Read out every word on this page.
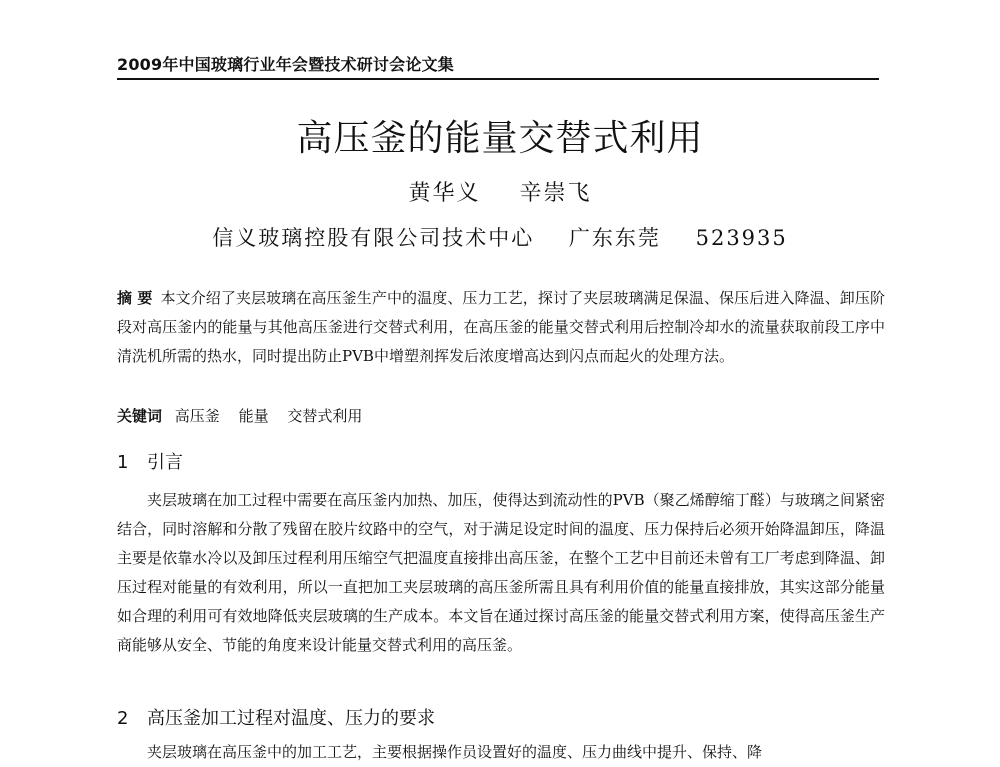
2009年中国玻璃行业年会暨技术研讨会论文集
高压釜的能量交替式利用
黄华义 辛崇飞
信义玻璃控股有限公司技术中心 广东东莞 523935
摘 要 本文介绍了夹层玻璃在高压釜生产中的温度、压力工艺，探讨了夹层玻璃满足保温、保压后进入降温、卸压阶段对高压釜内的能量与其他高压釜进行交替式利用，在高压釜的能量交替式利用后控制冷却水的流量获取前段工序中清洗机所需的热水，同时提出防止PVB中增塑剂挥发后浓度增高达到闪点而起火的处理方法。
关键词 高压釜 能量 交替式利用
1 引言
夹层玻璃在加工过程中需要在高压釜内加热、加压，使得达到流动性的PVB（聚乙烯醇缩丁醛）与玻璃之间紧密结合，同时溶解和分散了残留在胶片纹路中的空气，对于满足设定时间的温度、压力保持后必须开始降温卸压，降温主要是依靠水冷以及卸压过程利用压缩空气把温度直接排出高压釜，在整个工艺中目前还未曾有工厂考虑到降温、卸压过程对能量的有效利用，所以一直把加工夹层玻璃的高压釜所需且具有利用价值的能量直接排放，其实这部分能量如合理的利用可有效地降低夹层玻璃的生产成本。本文旨在通过探讨高压釜的能量交替式利用方案，使得高压釜生产商能够从安全、节能的角度来设计能量交替式利用的高压釜。
2 高压釜加工过程对温度、压力的要求
夹层玻璃在高压釜中的加工工艺，主要根据操作员设置好的温度、压力曲线中提升、保持、降
